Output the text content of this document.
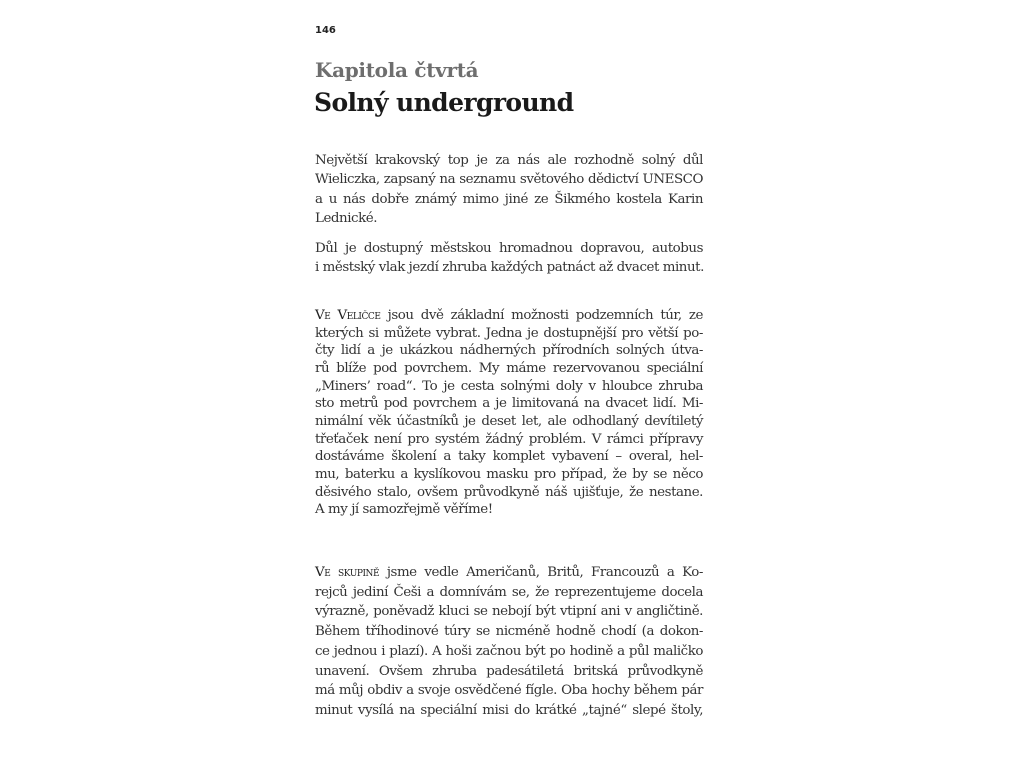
146
Kapitola čtvrtá
Solný underground
Největší krakovský top je za nás ale rozhodně solný důl
Wieliczka, zapsaný na seznamu světového dědictví UNESCO
a u nás dobře známý mimo jiné ze Šikmého kostela Karin
Lednické.
Důl je dostupný městskou hromadnou dopravou, autobus
i městský vlak jezdí zhruba každých patnáct až dvacet minut.
Ve Veličce jsou dvě základní možnosti podzemních túr, ze
kterých si můžete vybrat. Jedna je dostupnější pro větší po-
čty lidí a je ukázkou nádherných přírodních solných útva-
rů blíže pod povrchem. My máme rezervovanou speciální
„Miners’ road“. To je cesta solnými doly v hloubce zhruba
sto metrů pod povrchem a je limitovaná na dvacet lidí. Mi-
nimální věk účastníků je deset let, ale odhodlaný devítiletý
třeťaček není pro systém žádný problém. V rámci přípravy
dostáváme školení a taky komplet vybavení – overal, hel-
mu, baterku a kyslíkovou masku pro případ, že by se něco
děsivého stalo, ovšem průvodkyně náš ujišťuje, že nestane.
A my jí samozřejmě věříme!
Ve skupině jsme vedle Američanů, Britů, Francouzů a Ko-
rejců jediní Češi a domnívám se, že reprezentujeme docela
výrazně, poněvadž kluci se nebojí být vtipní ani v angličtině.
Během tříhodinové túry se nicméně hodně chodí (a dokon-
ce jednou i plazí). A hoši začnou být po hodině a půl maličko
unavení. Ovšem zhruba padesátiletá britská průvodkyně
má můj obdiv a svoje osvědčené fígle. Oba hochy během pár
minut vysílá na speciální misi do krátké „tajné“ slepé štoly,
